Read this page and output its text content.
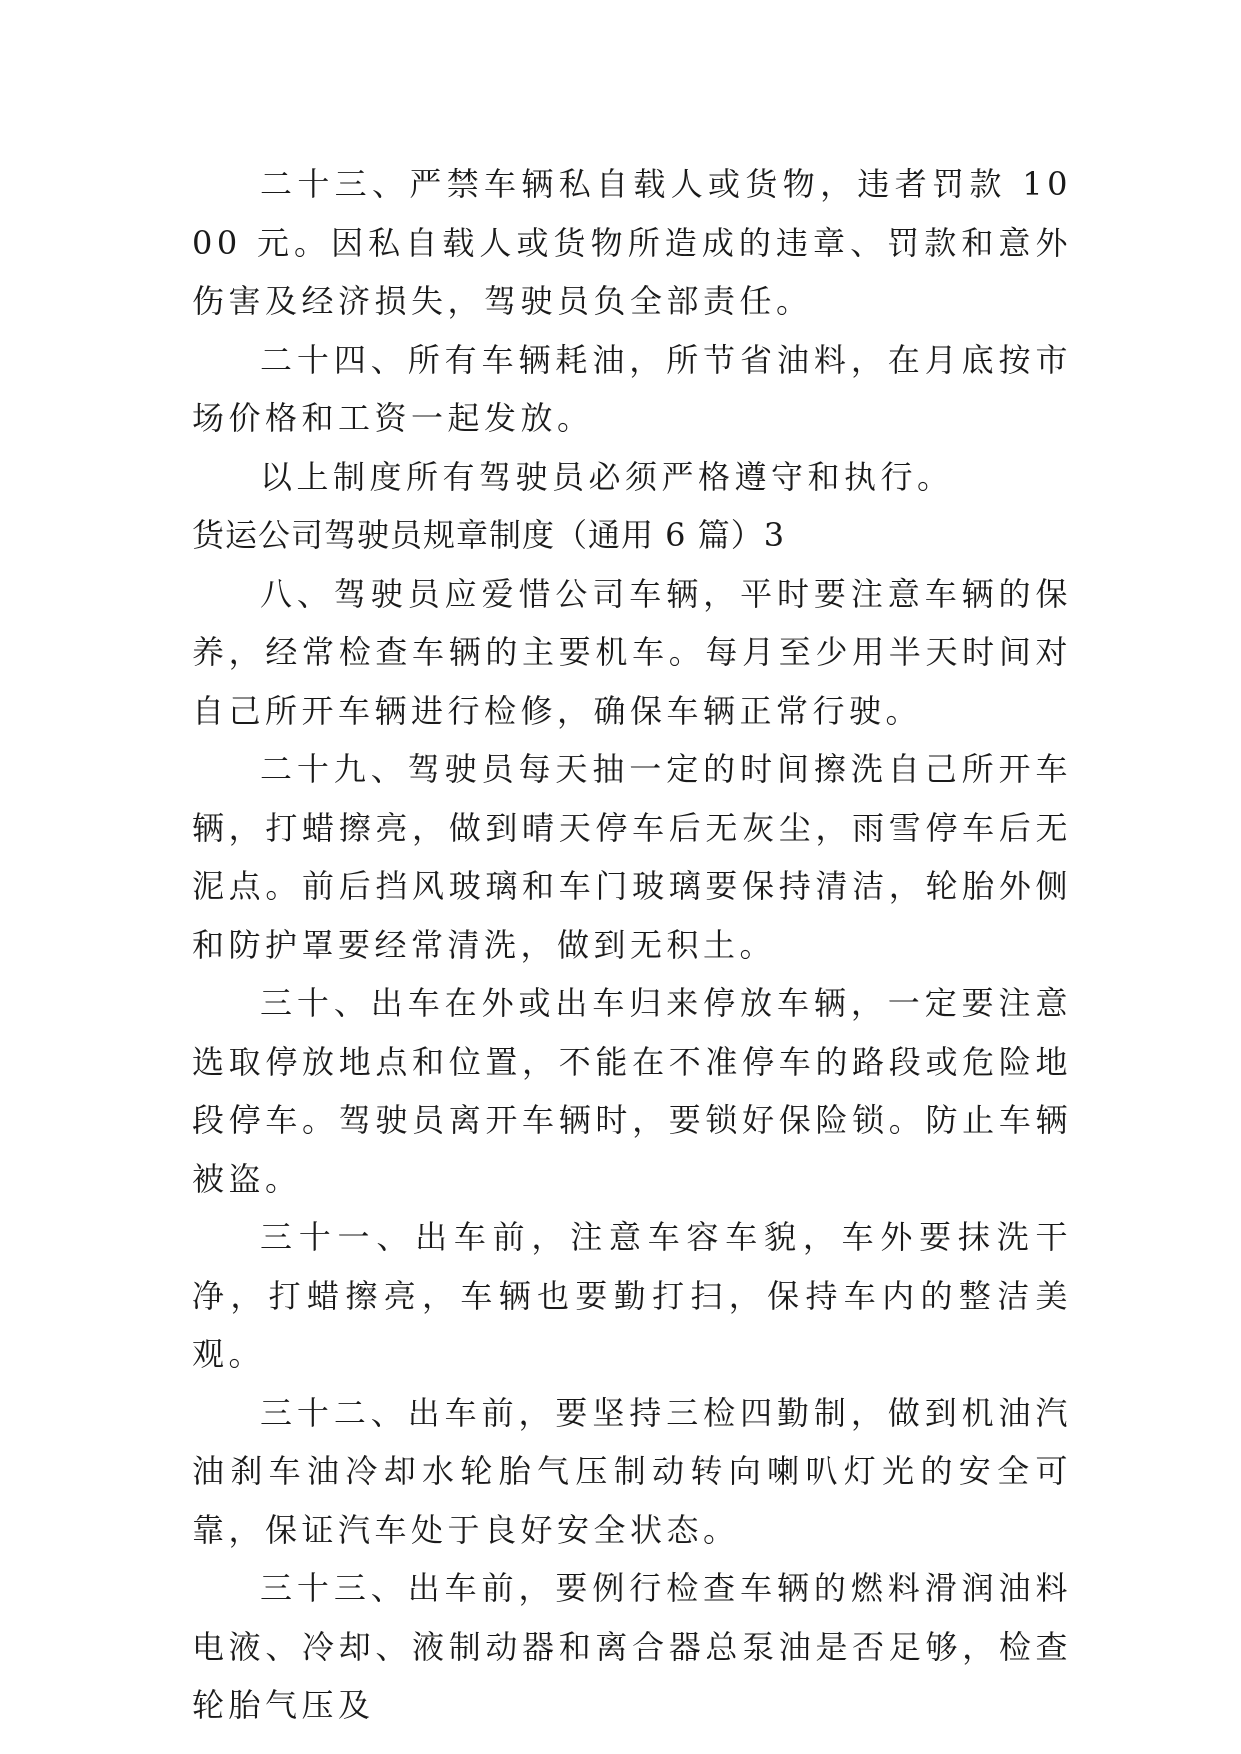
二十三、严禁车辆私自载人或货物，违者罚款 1000 元。因私自载人或货物所造成的违章、罚款和意外伤害及经济损失，驾驶员负全部责任。

二十四、所有车辆耗油，所节省油料，在月底按市场价格和工资一起发放。

以上制度所有驾驶员必须严格遵守和执行。

货运公司驾驶员规章制度（通用 6 篇）3

八、驾驶员应爱惜公司车辆，平时要注意车辆的保养，经常检查车辆的主要机车。每月至少用半天时间对自己所开车辆进行检修，确保车辆正常行驶。

二十九、驾驶员每天抽一定的时间擦洗自己所开车辆，打蜡擦亮，做到晴天停车后无灰尘，雨雪停车后无泥点。前后挡风玻璃和车门玻璃要保持清洁，轮胎外侧和防护罩要经常清洗，做到无积土。

三十、出车在外或出车归来停放车辆，一定要注意选取停放地点和位置，不能在不准停车的路段或危险地段停车。驾驶员离开车辆时，要锁好保险锁。防止车辆被盗。

三十一、出车前，注意车容车貌，车外要抹洗干净，打蜡擦亮，车辆也要勤打扫，保持车内的整洁美观。

三十二、出车前，要坚持三检四勤制，做到机油汽油刹车油冷却水轮胎气压制动转向喇叭灯光的安全可靠，保证汽车处于良好安全状态。

三十三、出车前，要例行检查车辆的燃料滑润油料电液、冷却、液制动器和离合器总泵油是否足够，检查轮胎气压及
